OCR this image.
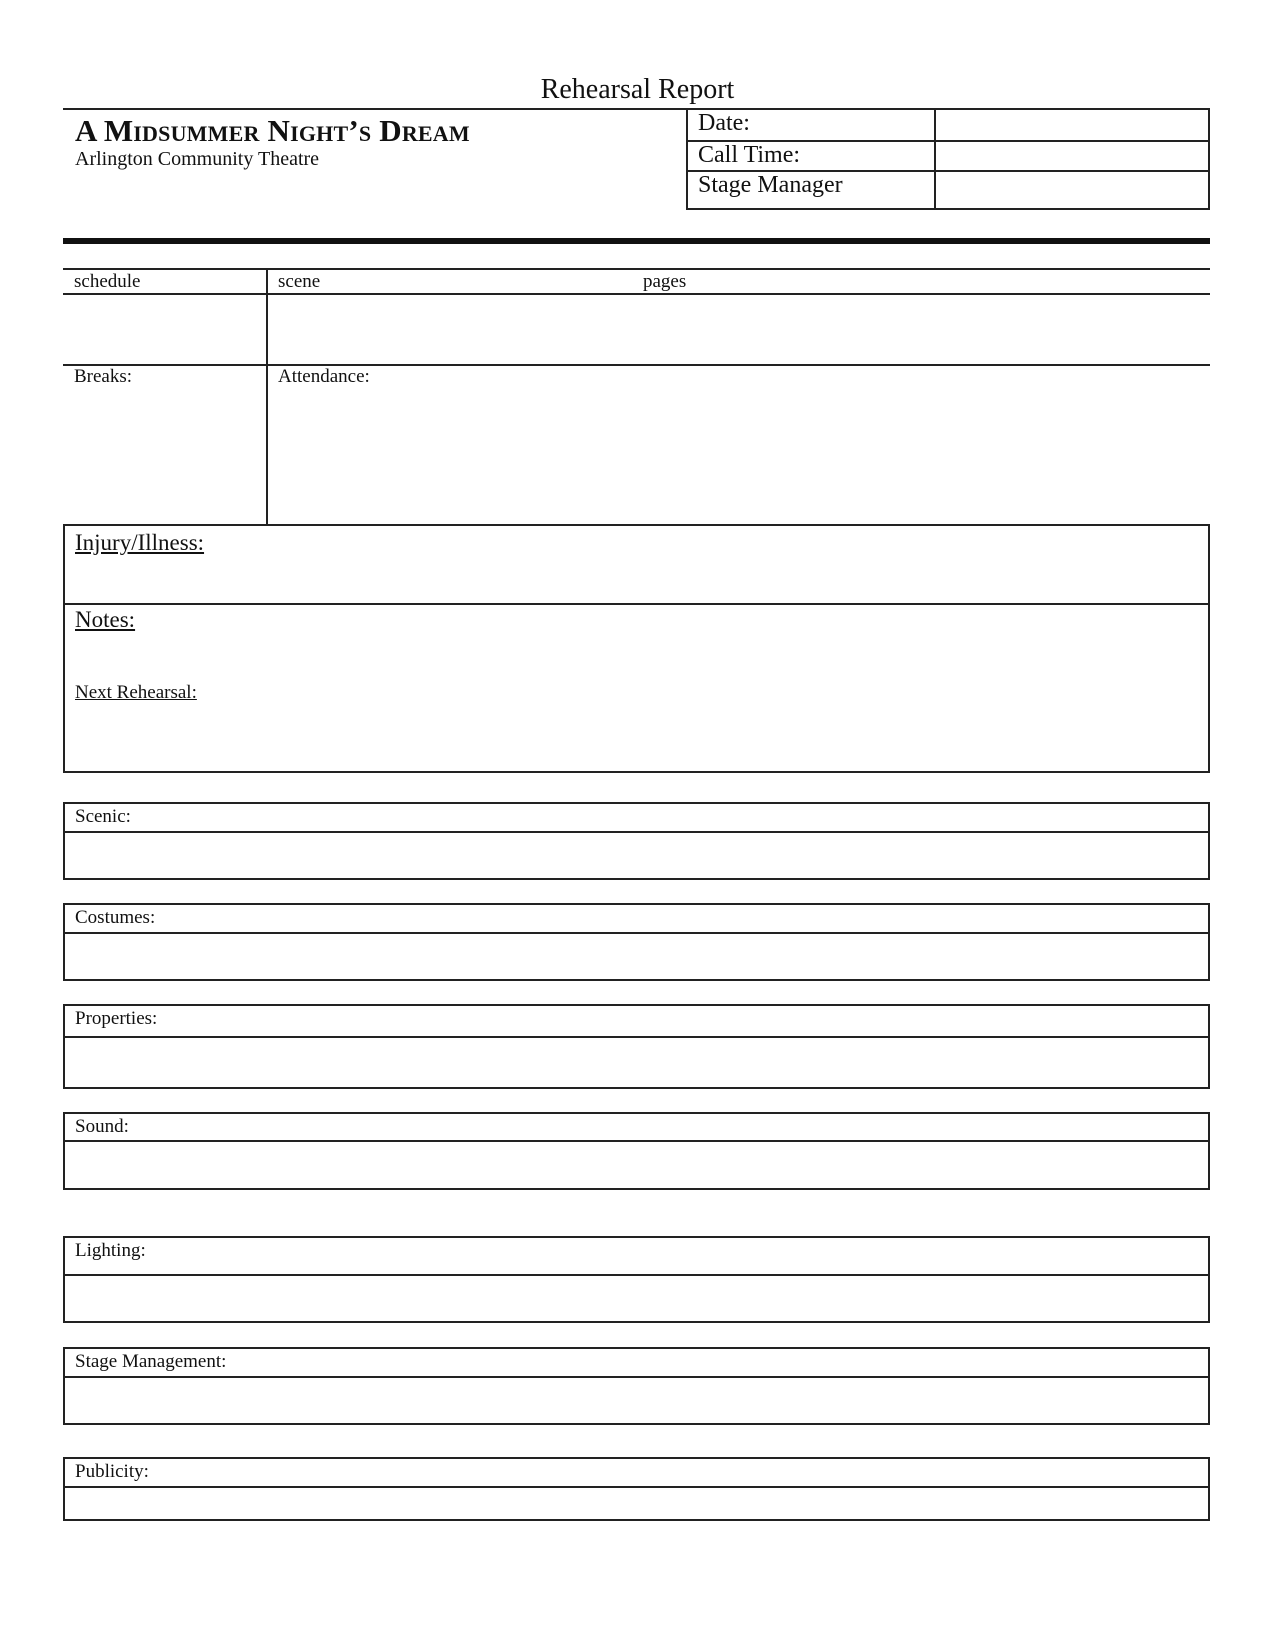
Rehearsal Report
A Midsummer Night’s Dream
Arlington Community Theatre
Date:
Call Time:
Stage Manager
schedule	scene	pages
Breaks:	Attendance:
Injury/Illness:
Notes:
Next Rehearsal:
Scenic:
Costumes:
Properties:
Sound:
Lighting:
Stage Management:
Publicity:
